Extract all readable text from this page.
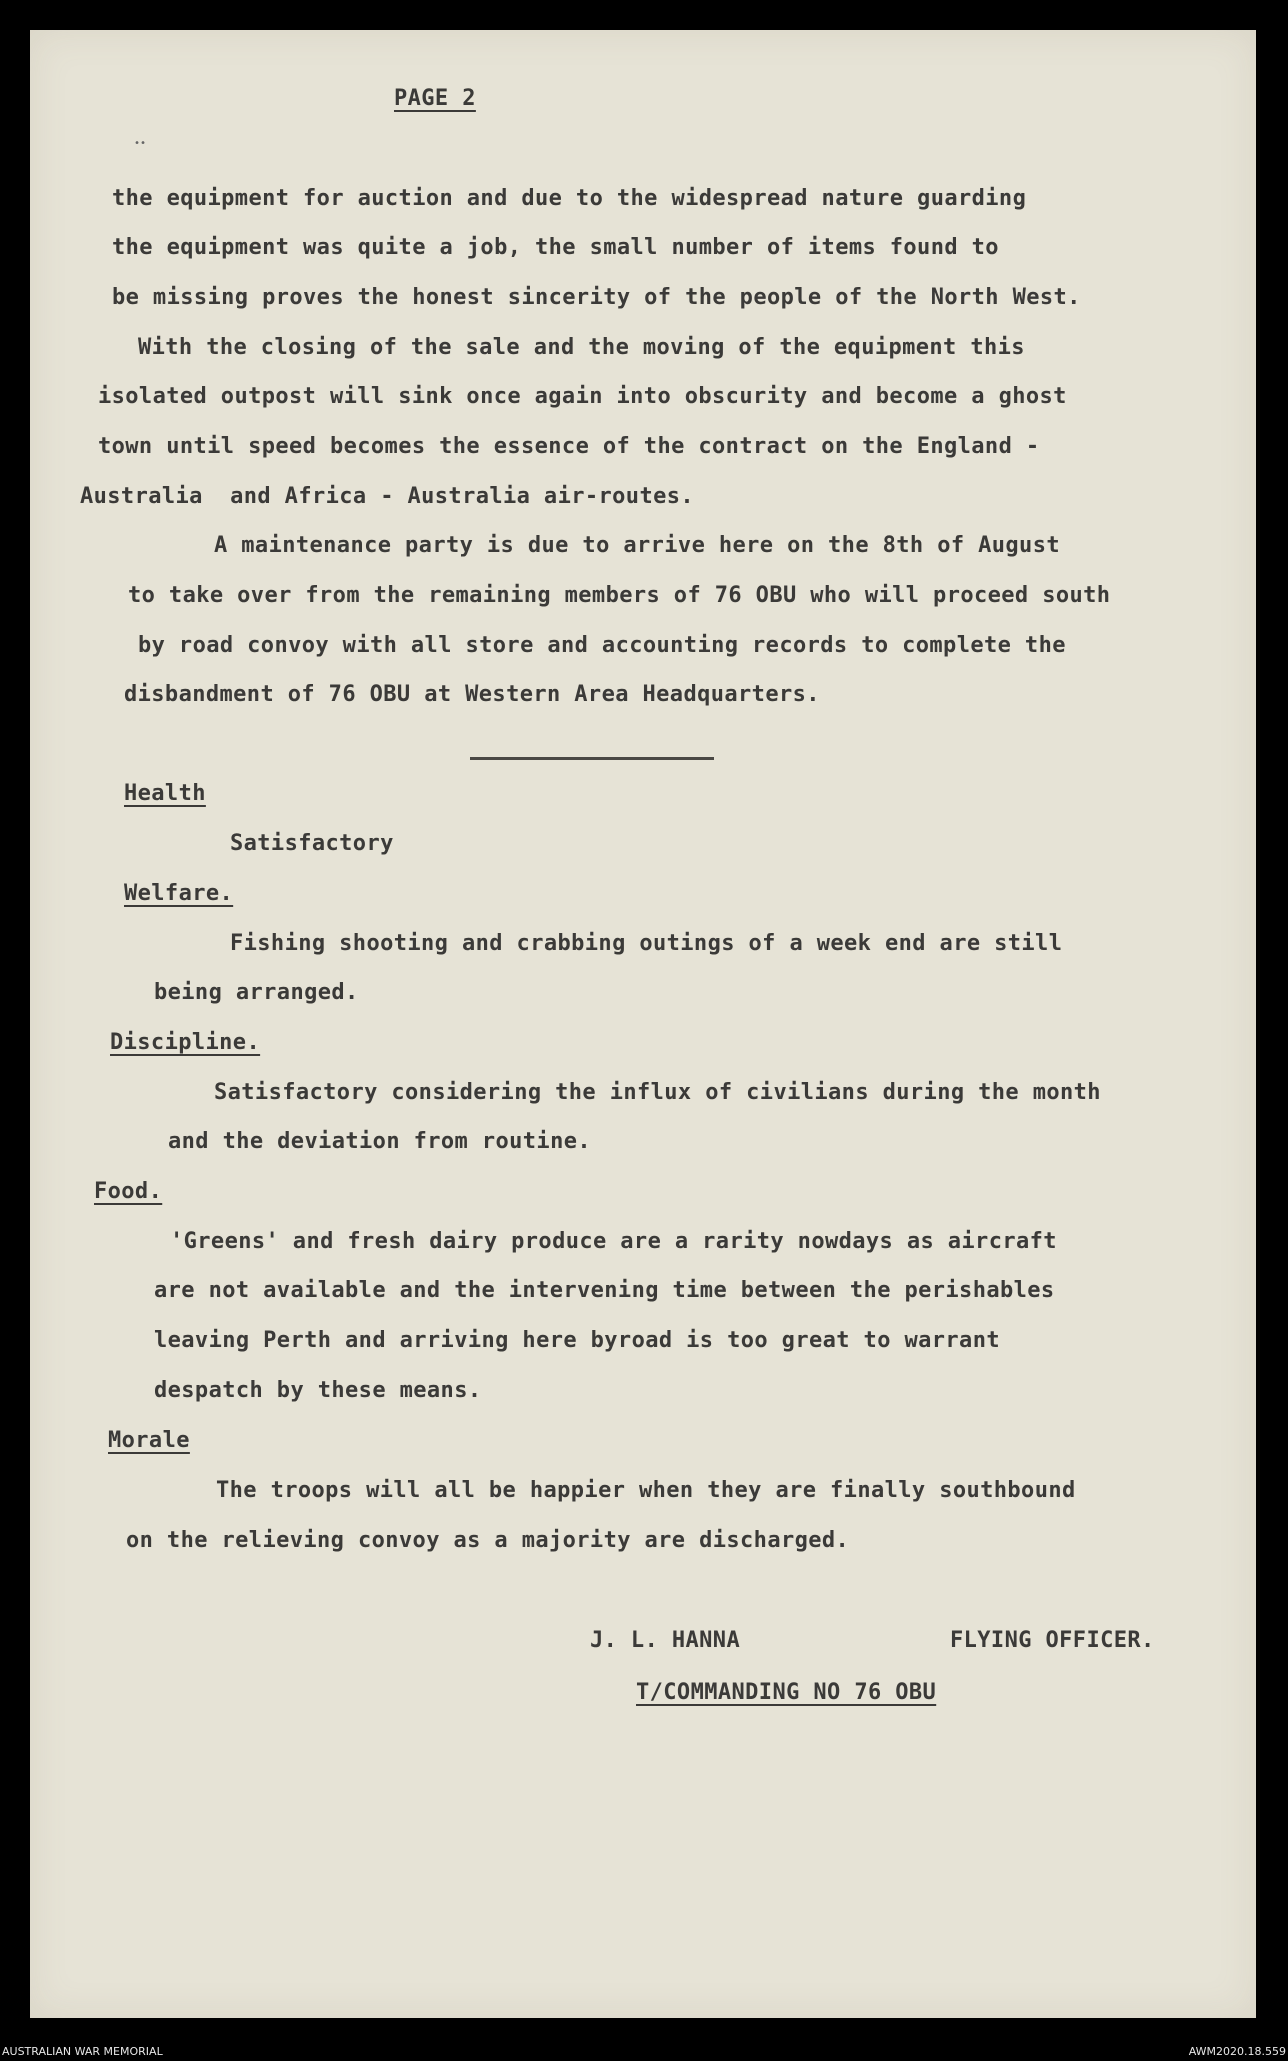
••
PAGE 2
the equipment for auction and due to the widespread nature guarding
the equipment was quite a job, the small number of items found to
be missing proves the honest sincerity of the people of the North West.
With the closing of the sale and the moving of the equipment this
isolated outpost will sink once again into obscurity and become a ghost
town until speed becomes the essence of the contract on the England -
Australia  and Africa - Australia air-routes.
A maintenance party is due to arrive here on the 8th of August
to take over from the remaining members of 76 OBU who will proceed south
by road convoy with all store and accounting records to complete the
disbandment of 76 OBU at Western Area Headquarters.
Health
Satisfactory
Welfare.
Fishing shooting and crabbing outings of a week end are still
being arranged.
Discipline.
Satisfactory considering the influx of civilians during the month
and the deviation from routine.
Food.
'Greens' and fresh dairy produce are a rarity nowdays as aircraft
are not available and the intervening time between the perishables
leaving Perth and arriving here byroad is too great to warrant
despatch by these means.
Morale
The troops will all be happier when they are finally southbound
on the relieving convoy as a majority are discharged.
J. L. HANNA	FLYING OFFICER.
T/COMMANDING NO 76 OBU
AUSTRALIAN WAR MEMORIAL	AWM2020.18.559
